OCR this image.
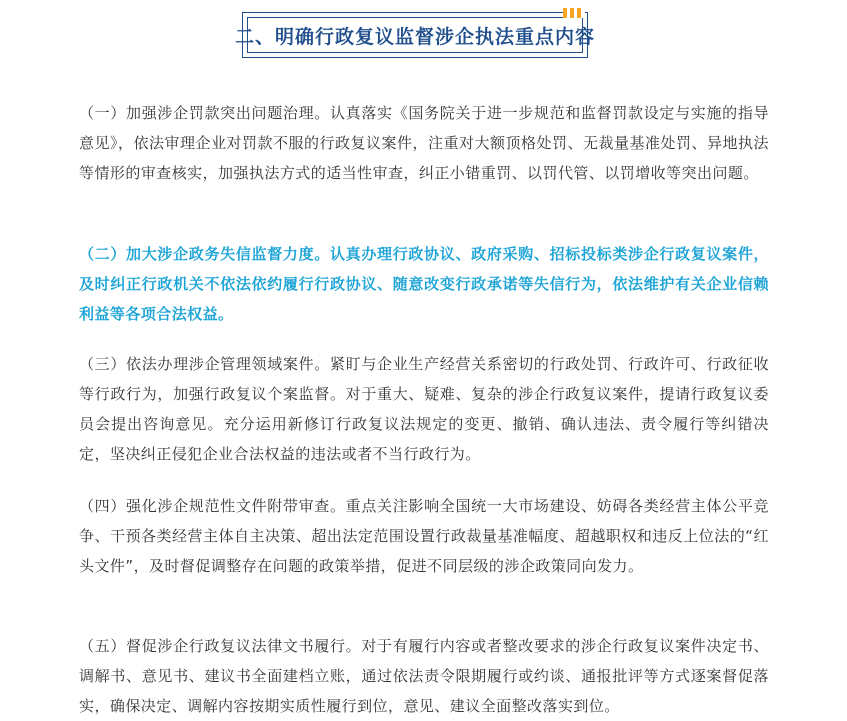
二、明确行政复议监督涉企执法重点内容

（一）加强涉企罚款突出问题治理。认真落实《国务院关于进一步规范和监督罚款设定与实施的指导意见》，依法审理企业对罚款不服的行政复议案件，注重对大额顶格处罚、无裁量基准处罚、异地执法等情形的审查核实，加强执法方式的适当性审查，纠正小错重罚、以罚代管、以罚增收等突出问题。

（二）加大涉企政务失信监督力度。认真办理行政协议、政府采购、招标投标类涉企行政复议案件，及时纠正行政机关不依法依约履行行政协议、随意改变行政承诺等失信行为，依法维护有关企业信赖利益等各项合法权益。

（三）依法办理涉企管理领域案件。紧盯与企业生产经营关系密切的行政处罚、行政许可、行政征收等行政行为，加强行政复议个案监督。对于重大、疑难、复杂的涉企行政复议案件，提请行政复议委员会提出咨询意见。充分运用新修订行政复议法规定的变更、撤销、确认违法、责令履行等纠错决定，坚决纠正侵犯企业合法权益的违法或者不当行政行为。

（四）强化涉企规范性文件附带审查。重点关注影响全国统一大市场建设、妨碍各类经营主体公平竞争、干预各类经营主体自主决策、超出法定范围设置行政裁量基准幅度、超越职权和违反上位法的“红头文件”，及时督促调整存在问题的政策举措，促进不同层级的涉企政策同向发力。

（五）督促涉企行政复议法律文书履行。对于有履行内容或者整改要求的涉企行政复议案件决定书、调解书、意见书、建议书全面建档立账，通过依法责令限期履行或约谈、通报批评等方式逐案督促落实，确保决定、调解内容按期实质性履行到位，意见、建议全面整改落实到位。
